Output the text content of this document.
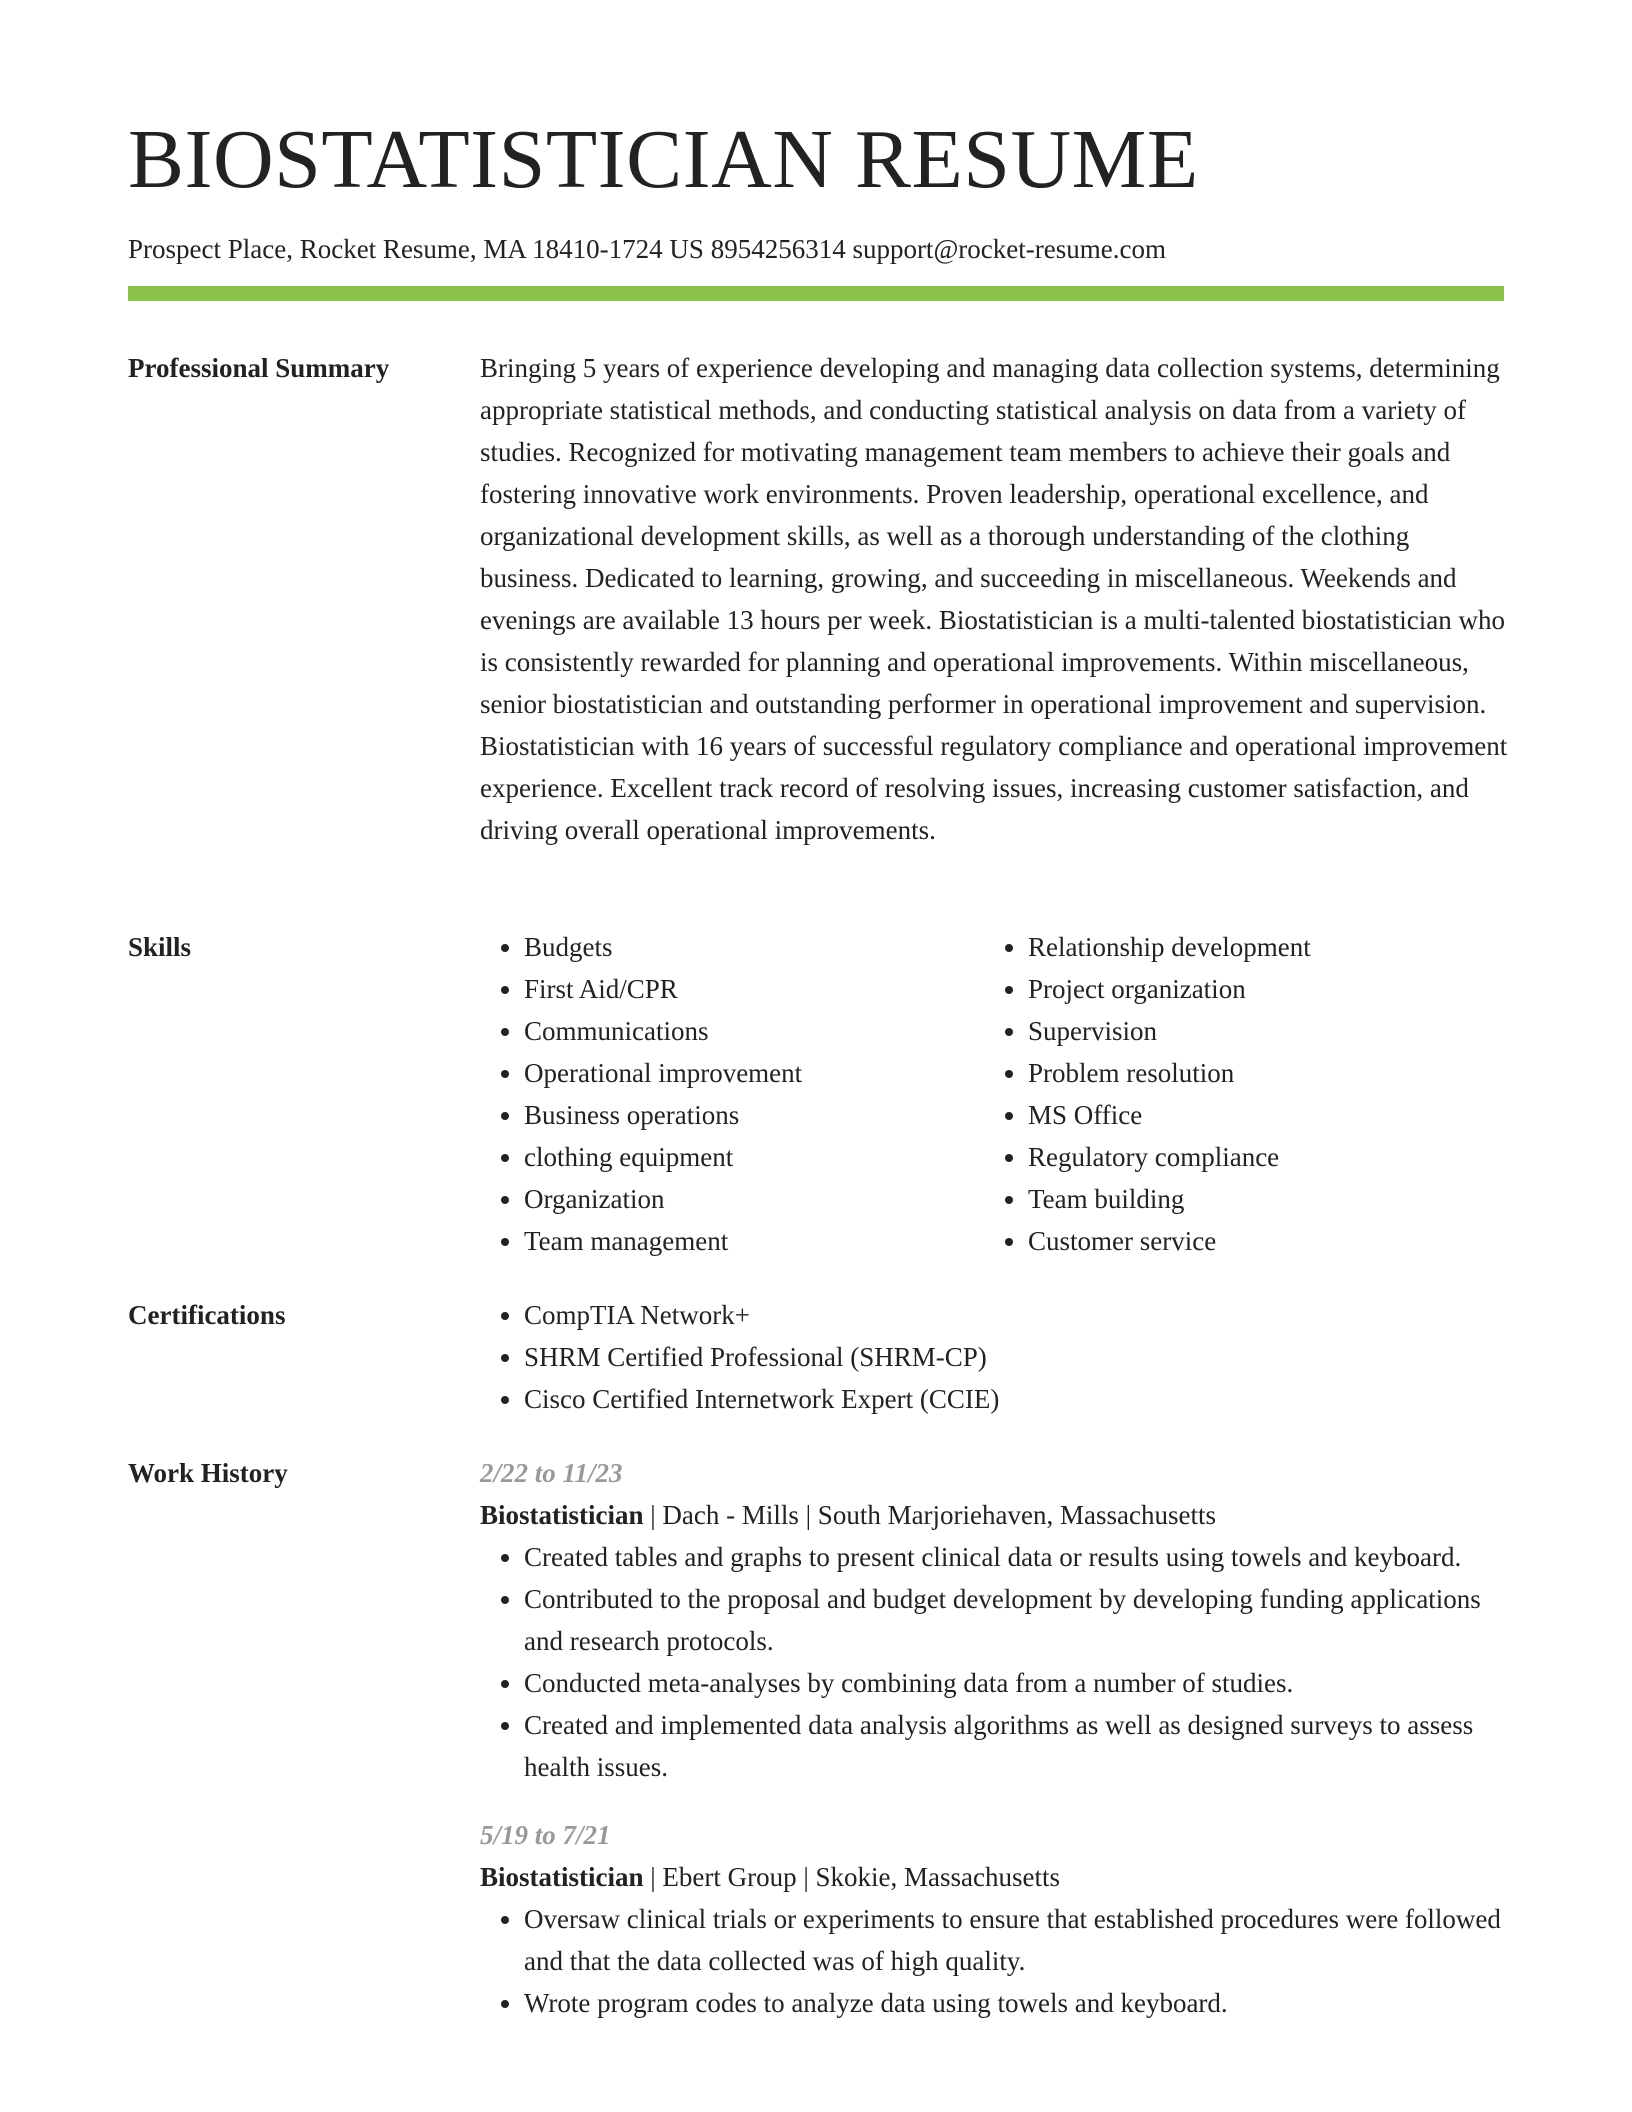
BIOSTATISTICIAN RESUME
Prospect Place, Rocket Resume, MA 18410-1724 US 8954256314 support@rocket-resume.com
Professional Summary	Bringing 5 years of experience developing and managing data collection systems, determining appropriate statistical methods, and conducting statistical analysis on data from a variety of studies. Recognized for motivating management team members to achieve their goals and fostering innovative work environments. Proven leadership, operational excellence, and organizational development skills, as well as a thorough understanding of the clothing business. Dedicated to learning, growing, and succeeding in miscellaneous. Weekends and evenings are available 13 hours per week. Biostatistician is a multi-talented biostatistician who is consistently rewarded for planning and operational improvements. Within miscellaneous, senior biostatistician and outstanding performer in operational improvement and supervision. Biostatistician with 16 years of successful regulatory compliance and operational improvement experience. Excellent track record of resolving issues, increasing customer satisfaction, and driving overall operational improvements.

Skills	• Budgets
• First Aid/CPR
• Communications
• Operational improvement
• Business operations
• clothing equipment
• Organization
• Team management
• Relationship development
• Project organization
• Supervision
• Problem resolution
• MS Office
• Regulatory compliance
• Team building
• Customer service
Certifications	• CompTIA Network+
• SHRM Certified Professional (SHRM-CP)
• Cisco Certified Internetwork Expert (CCIE)
Work History	2/22 to 11/23
Biostatistician | Dach - Mills | South Marjoriehaven, Massachusetts
• Created tables and graphs to present clinical data or results using towels and keyboard.
• Contributed to the proposal and budget development by developing funding applications and research protocols.
• Conducted meta-analyses by combining data from a number of studies.
• Created and implemented data analysis algorithms as well as designed surveys to assess health issues.
5/19 to 7/21
Biostatistician | Ebert Group | Skokie, Massachusetts
• Oversaw clinical trials or experiments to ensure that established procedures were followed and that the data collected was of high quality.
• Wrote program codes to analyze data using towels and keyboard.
